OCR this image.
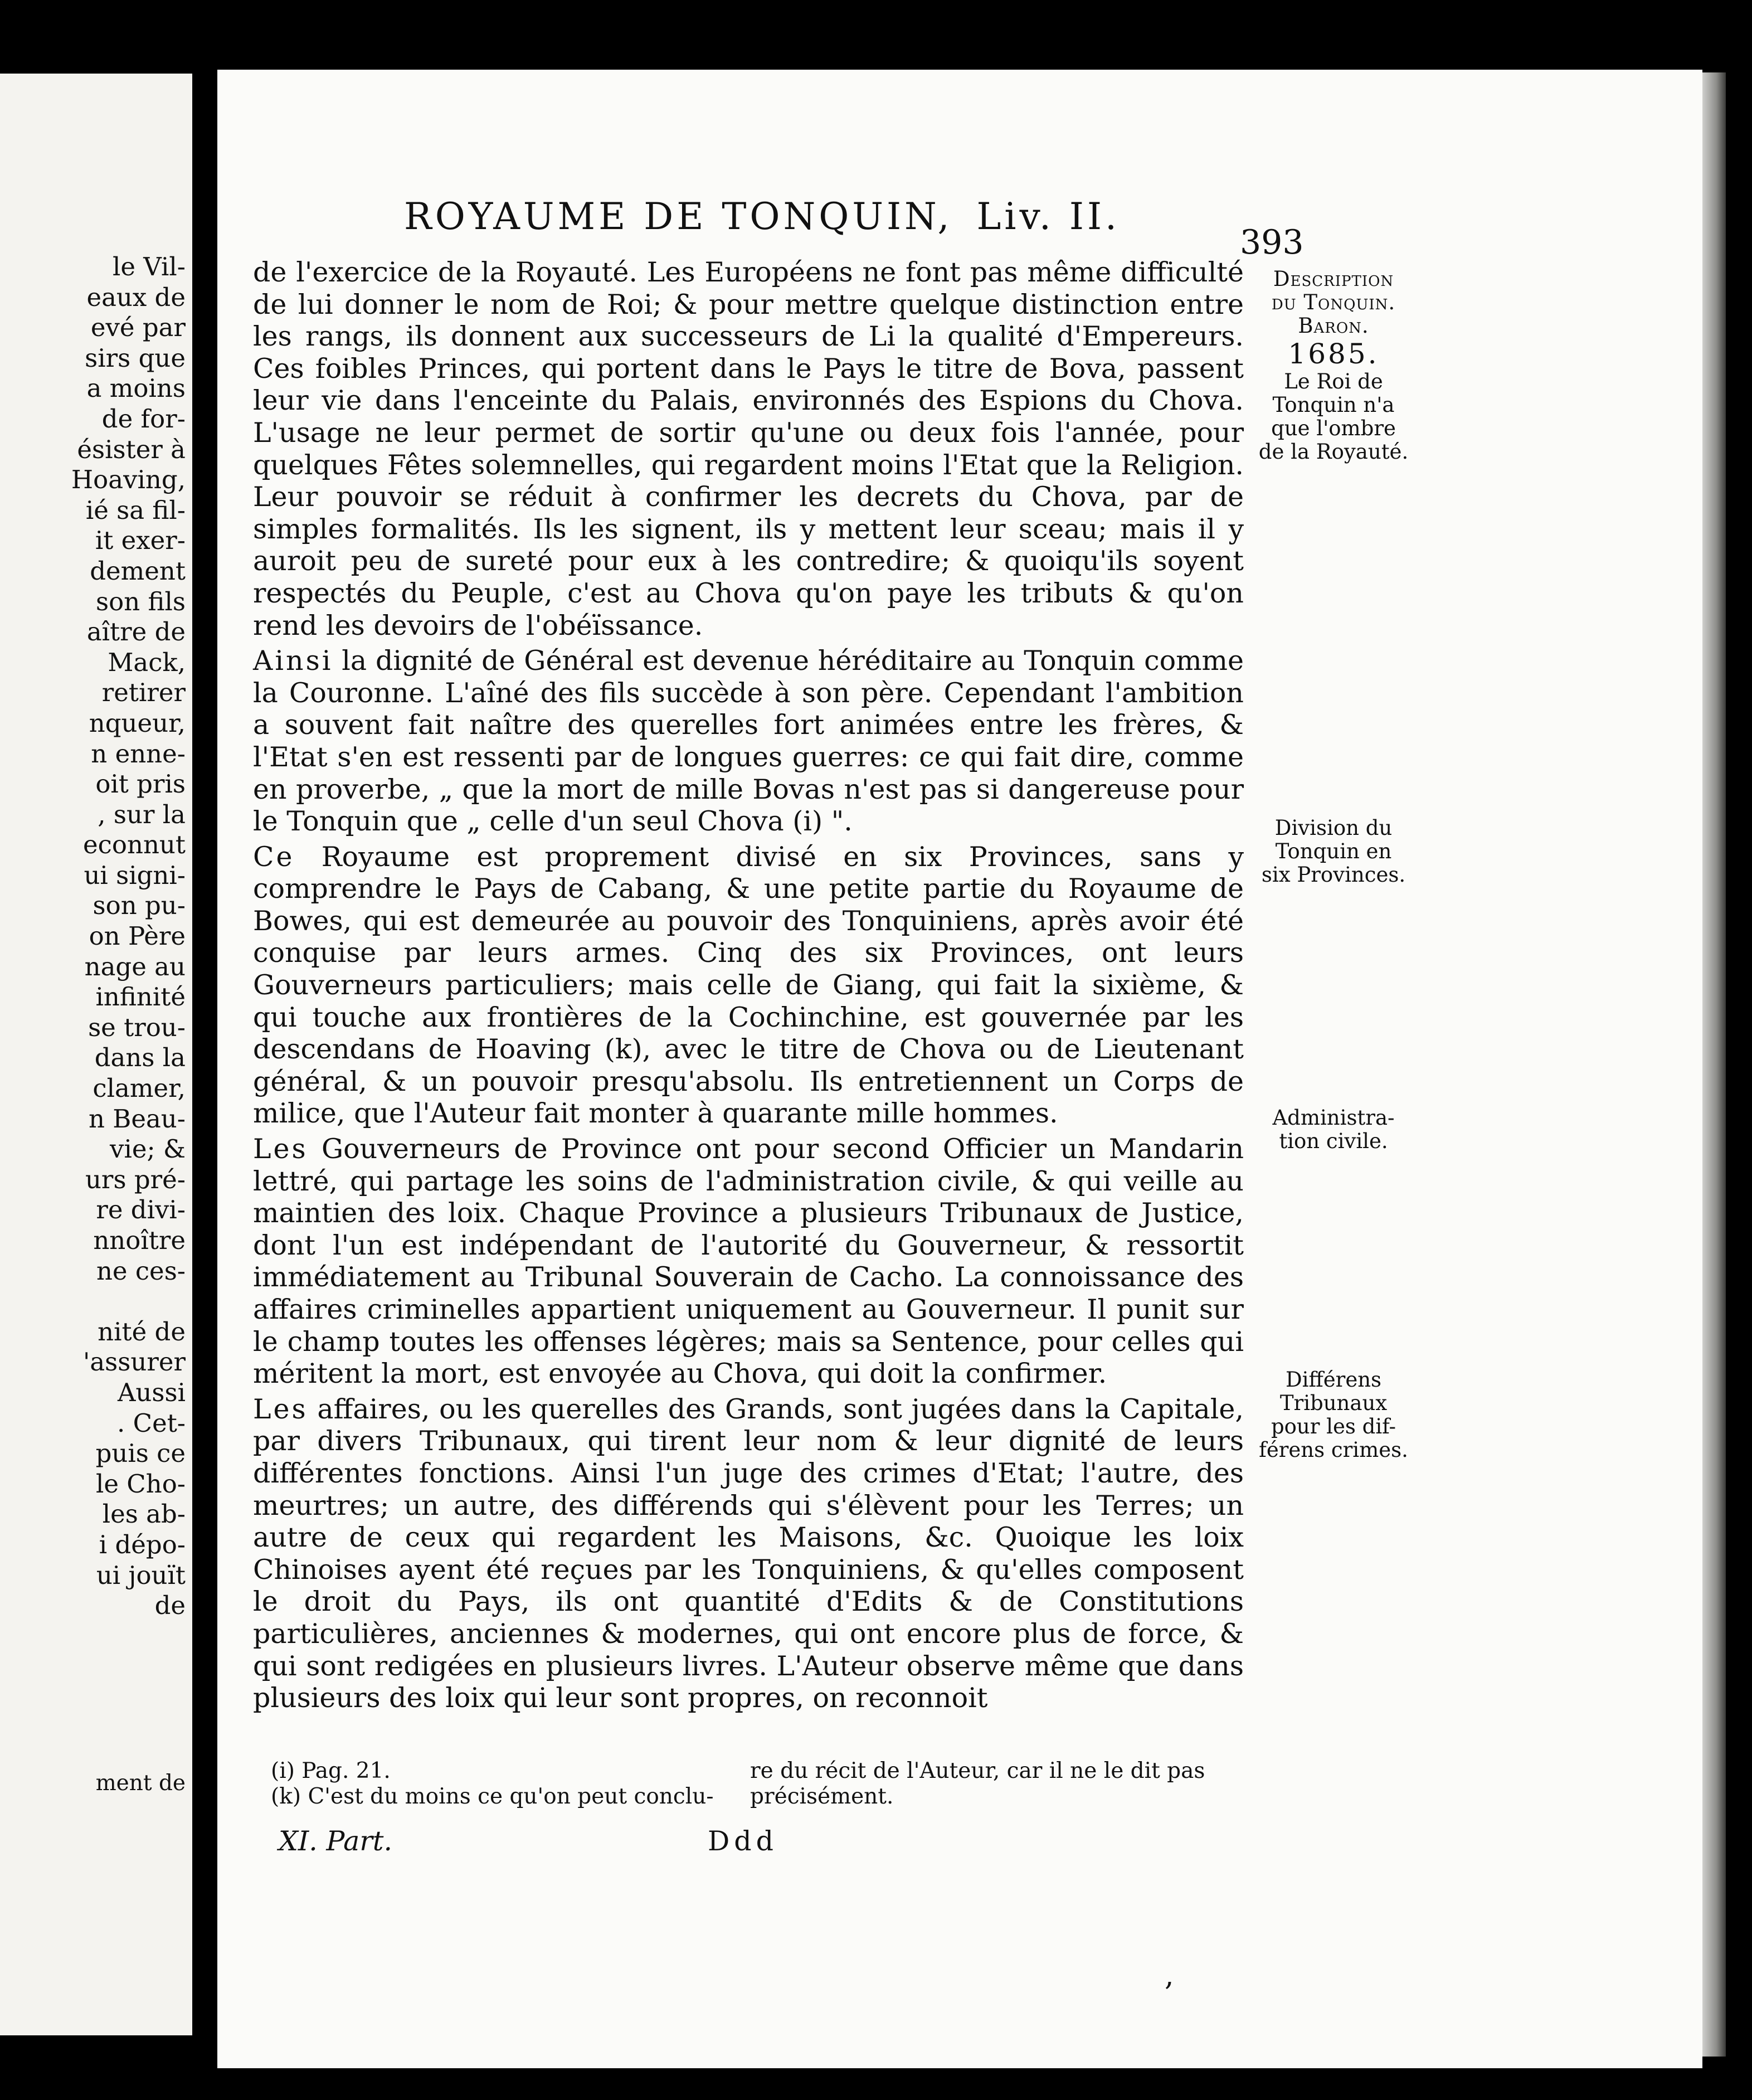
le Vil-
eaux de
evé par
sirs que
a moins
de for-
ésister à
Hoaving,
ié sa fil-
it exer-
dement
son fils
aître de
Mack,
retirer
nqueur,
n enne-
oit pris
, sur la
econnut
ui signi-
son pu-
on Père
nage au
infinité
se trou-
dans la
clamer,
n Beau-
vie; &
urs pré-
re divi-
nnoître
ne ces-

nité de
'assurer
Aussi
. Cet-
puis ce
le Cho-
les ab-
i dépo-
ui jouït
de
ment de
ROYAUME DE TONQUIN, Liv. II.
393

de l'exercice de la Royauté. Les Européens ne font pas même difficulté de lui donner le nom de Roi; & pour mettre quelque distinction entre les rangs, ils donnent aux successeurs de Li la qualité d'Empereurs. Ces foibles Princes, qui portent dans le Pays le titre de Bova, passent leur vie dans l'enceinte du Palais, environnés des Espions du Chova. L'usage ne leur permet de sortir qu'une ou deux fois l'année, pour quelques Fêtes solemnelles, qui regardent moins l'Etat que la Religion. Leur pouvoir se réduit à confirmer les decrets du Chova, par de simples formalités. Ils les signent, ils y mettent leur sceau; mais il y auroit peu de sureté pour eux à les contredire; & quoiqu'ils soyent respectés du Peuple, c'est au Chova qu'on paye les tributs & qu'on rend les devoirs de l'obéïssance.

Ainsi la dignité de Général est devenue héréditaire au Tonquin comme la Couronne. L'aîné des fils succède à son père. Cependant l'ambition a souvent fait naître des querelles fort animées entre les frères, & l'Etat s'en est ressenti par de longues guerres: ce qui fait dire, comme en proverbe, „ que la mort de mille Bovas n'est pas si dangereuse pour le Tonquin que „ celle d'un seul Chova (i) ".

Ce Royaume est proprement divisé en six Provinces, sans y comprendre le Pays de Cabang, & une petite partie du Royaume de Bowes, qui est demeurée au pouvoir des Tonquiniens, après avoir été conquise par leurs armes. Cinq des six Provinces, ont leurs Gouverneurs particuliers; mais celle de Giang, qui fait la sixième, & qui touche aux frontières de la Cochinchine, est gouvernée par les descendans de Hoaving (k), avec le titre de Chova ou de Lieutenant général, & un pouvoir presqu'absolu. Ils entretiennent un Corps de milice, que l'Auteur fait monter à quarante mille hommes.

Les Gouverneurs de Province ont pour second Officier un Mandarin lettré, qui partage les soins de l'administration civile, & qui veille au maintien des loix. Chaque Province a plusieurs Tribunaux de Justice, dont l'un est indépendant de l'autorité du Gouverneur, & ressortit immédiatement au Tribunal Souverain de Cacho. La connoissance des affaires criminelles appartient uniquement au Gouverneur. Il punit sur le champ toutes les offenses légères; mais sa Sentence, pour celles qui méritent la mort, est envoyée au Chova, qui doit la confirmer.

Les affaires, ou les querelles des Grands, sont jugées dans la Capitale, par divers Tribunaux, qui tirent leur nom & leur dignité de leurs différentes fonctions. Ainsi l'un juge des crimes d'Etat; l'autre, des meurtres; un autre, des différends qui s'élèvent pour les Terres; un autre de ceux qui regardent les Maisons, &c. Quoique les loix Chinoises ayent été reçues par les Tonquiniens, & qu'elles composent le droit du Pays, ils ont quantité d'Edits & de Constitutions particulières, anciennes & modernes, qui ont encore plus de force, & qui sont redigées en plusieurs livres. L'Auteur observe même que dans plusieurs des loix qui leur sont propres, on reconnoit

Description
du Tonquin.
Baron.
1685.
Le Roi de
Tonquin n'a
que l'ombre
de la Royauté.
Division du
Tonquin en
six Provinces.
Administra-
tion civile.
Différens
Tribunaux
pour les dif-
férens crimes.
(i) Pag. 21.
(k) C'est du moins ce qu'on peut conclu-
re du récit de l'Auteur, car il ne le dit pas
précisément.
XI. Part.	Ddd
,
